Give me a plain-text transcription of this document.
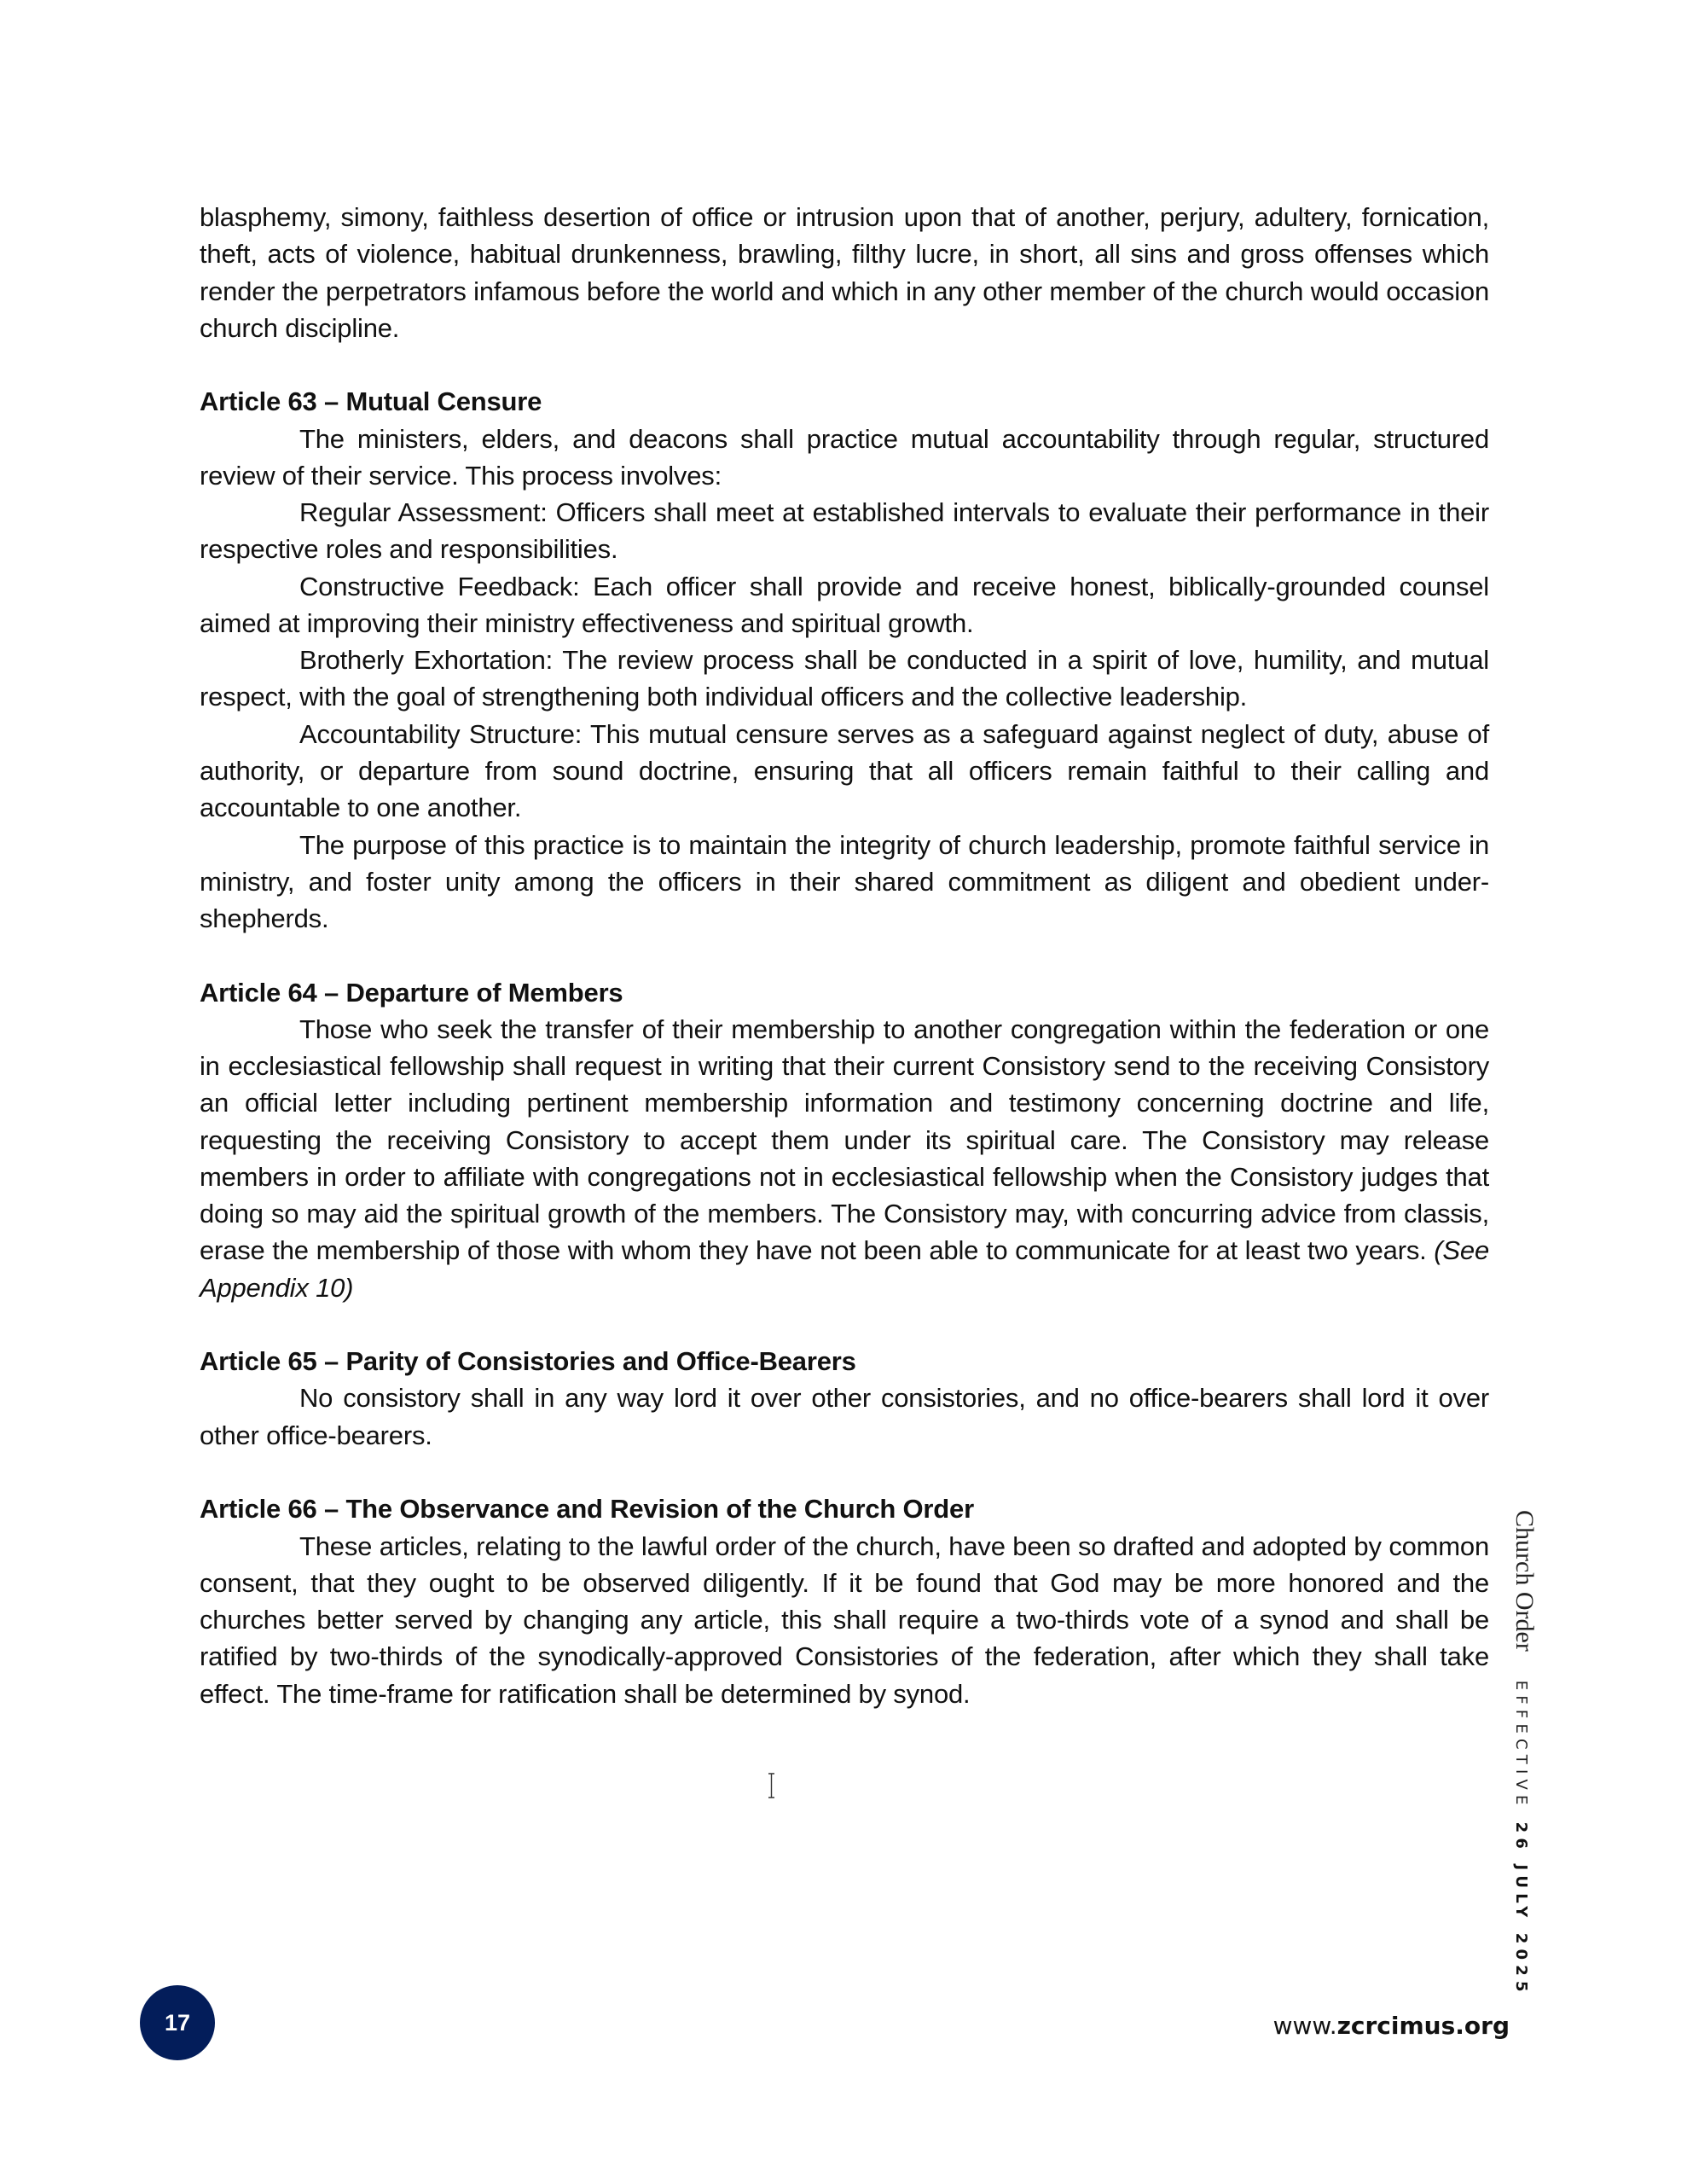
blasphemy, simony, faithless desertion of office or intrusion upon that of another, perjury, adultery, fornication, theft, acts of violence, habitual drunkenness, brawling, filthy lucre, in short, all sins and gross offenses which render the perpetrators infamous before the world and which in any other member of the church would occasion church discipline.

Article 63 – Mutual Censure

The ministers, elders, and deacons shall practice mutual accountability through regular, structured review of their service. This process involves:

Regular Assessment: Officers shall meet at established intervals to evaluate their performance in their respective roles and responsibilities.

Constructive Feedback: Each officer shall provide and receive honest, biblically-grounded counsel aimed at improving their ministry effectiveness and spiritual growth.

Brotherly Exhortation: The review process shall be conducted in a spirit of love, humility, and mutual respect, with the goal of strengthening both individual officers and the collective leadership.

Accountability Structure: This mutual censure serves as a safeguard against neglect of duty, abuse of authority, or departure from sound doctrine, ensuring that all officers remain faithful to their calling and accountable to one another.

The purpose of this practice is to maintain the integrity of church leadership, promote faithful service in ministry, and foster unity among the officers in their shared commitment as diligent and obedient under-shepherds.

Article 64 – Departure of Members

Those who seek the transfer of their membership to another congregation within the federation or one in ecclesiastical fellowship shall request in writing that their current Consistory send to the receiving Consistory an official letter including pertinent membership information and testimony concerning doctrine and life, requesting the receiving Consistory to accept them under its spiritual care. The Consistory may release members in order to affiliate with congregations not in ecclesiastical fellowship when the Consistory judges that doing so may aid the spiritual growth of the members. The Consistory may, with concurring advice from classis, erase the membership of those with whom they have not been able to communicate for at least two years. (See Appendix 10)

Article 65 – Parity of Consistories and Office-Bearers

No consistory shall in any way lord it over other consistories, and no office-bearers shall lord it over other office-bearers.

Article 66 – The Observance and Revision of the Church Order

These articles, relating to the lawful order of the church, have been so drafted and adopted by common consent, that they ought to be observed diligently. If it be found that God may be more honored and the churches better served by changing any article, this shall require a two-thirds vote of a synod and shall be ratified by two-thirds of the synodically-approved Consistories of the federation, after which they shall take effect. The time-frame for ratification shall be determined by synod.

Church Order
EFFECTIVE
26 JULY 2025
17	www.zcrcimus.org
